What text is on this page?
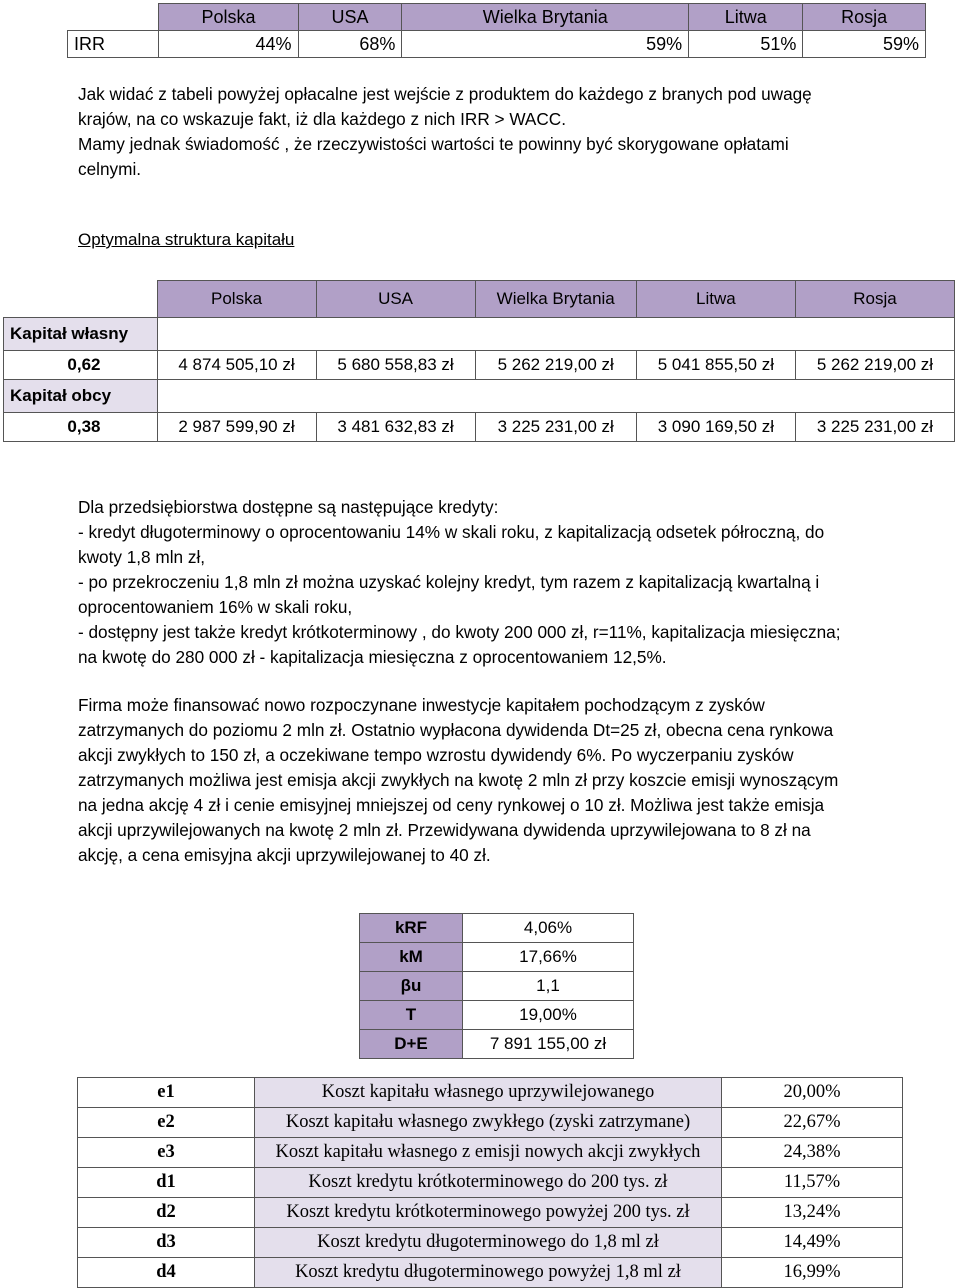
	Polska	USA	Wielka Brytania	Litwa	Rosja
IRR	44%	68%	59%	51%	59%
Jak widać z tabeli powyżej opłacalne jest wejście z produktem do każdego z branych pod uwagę
krajów, na co wskazuje fakt, iż dla każdego z nich IRR > WACC.
Mamy jednak świadomość , że rzeczywistości wartości te powinny być skorygowane opłatami
celnymi.
Optymalna struktura kapitału
	Polska	USA	Wielka Brytania	Litwa	Rosja
Kapitał własny					
0,62	4 874 505,10 zł	5 680 558,83 zł	5 262 219,00 zł	5 041 855,50 zł	5 262 219,00 zł
Kapitał obcy					
0,38	2 987 599,90 zł	3 481 632,83 zł	3 225 231,00 zł	3 090 169,50 zł	3 225 231,00 zł
Dla przedsiębiorstwa dostępne są następujące kredyty:
- kredyt długoterminowy o oprocentowaniu 14% w skali roku, z kapitalizacją odsetek półroczną, do
kwoty 1,8 mln zł,
- po przekroczeniu 1,8 mln zł można uzyskać kolejny kredyt, tym razem z kapitalizacją kwartalną i
oprocentowaniem 16% w skali roku,
- dostępny jest także kredyt krótkoterminowy , do kwoty 200 000 zł, r=11%, kapitalizacja miesięczna;
na kwotę do 280 000 zł - kapitalizacja miesięczna z oprocentowaniem 12,5%.
Firma może finansować nowo rozpoczynane inwestycje kapitałem pochodzącym z zysków
zatrzymanych do poziomu 2 mln zł. Ostatnio wypłacona dywidenda Dt=25 zł, obecna cena rynkowa
akcji zwykłych to 150 zł, a oczekiwane tempo wzrostu dywidendy 6%. Po wyczerpaniu zysków
zatrzymanych możliwa jest emisja akcji zwykłych na kwotę 2 mln zł przy koszcie emisji wynoszącym
na jedna akcję 4 zł i cenie emisyjnej mniejszej od ceny rynkowej o 10 zł. Możliwa jest także emisja
akcji uprzywilejowanych na kwotę 2 mln zł. Przewidywana dywidenda uprzywilejowana to 8 zł na
akcję, a cena emisyjna akcji uprzywilejowanej to 40 zł.
kRF	4,06%
kM	17,66%
βu	1,1
T	19,00%
D+E	7 891 155,00 zł
e1	Koszt kapitału własnego uprzywilejowanego	20,00%
e2	Koszt kapitału własnego zwykłego (zyski zatrzymane)	22,67%
e3	Koszt kapitału własnego z emisji nowych akcji zwykłych	24,38%
d1	Koszt kredytu krótkoterminowego do 200 tys. zł	11,57%
d2	Koszt kredytu krótkoterminowego powyżej 200 tys. zł	13,24%
d3	Koszt kredytu długoterminowego do 1,8 ml zł	14,49%
d4	Koszt kredytu długoterminowego powyżej 1,8 ml zł	16,99%
